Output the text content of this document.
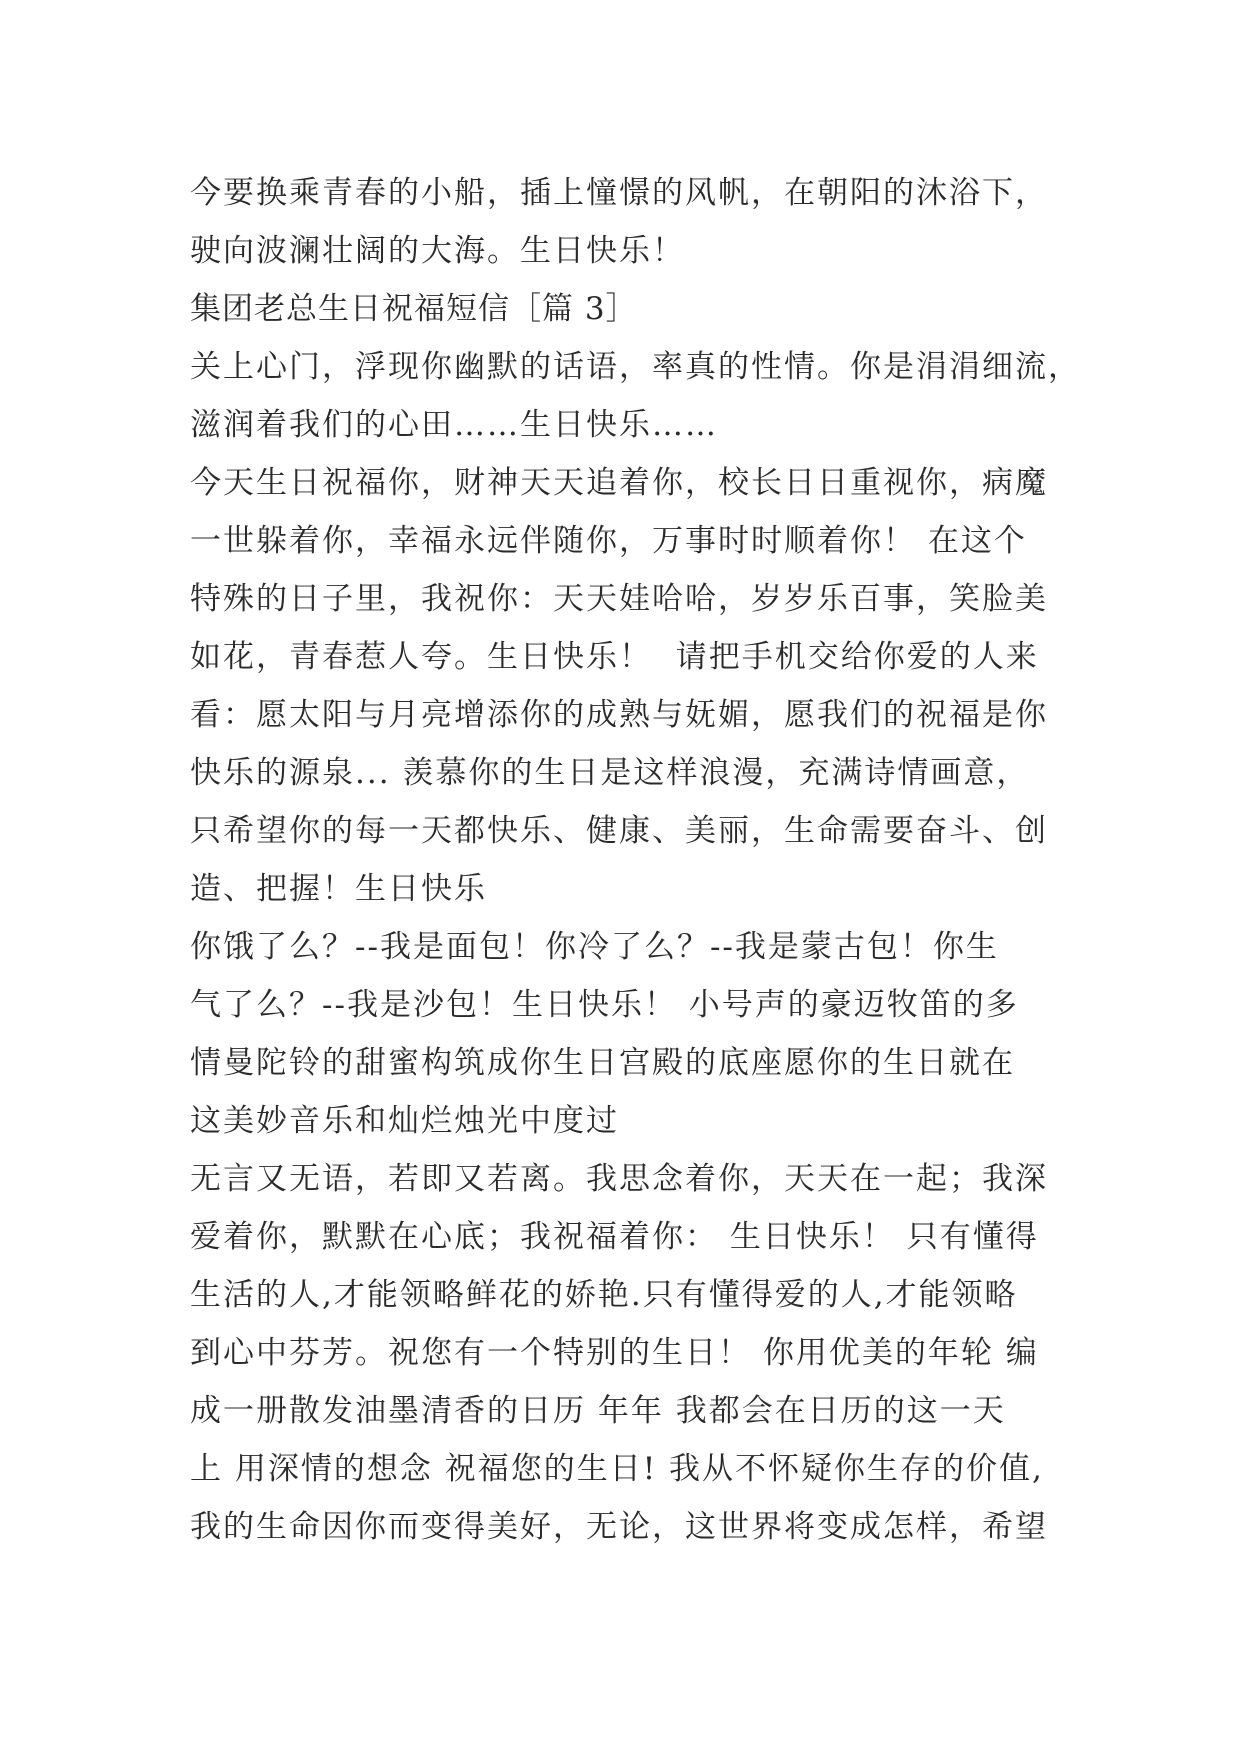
今要换乘青春的小船，插上憧憬的风帆，在朝阳的沐浴下，
驶向波澜壮阔的大海。生日快乐！
集团老总生日祝福短信［篇 3］
关上心门，浮现你幽默的话语，率真的性情。你是涓涓细流，
滋润着我们的心田……生日快乐……
今天生日祝福你，财神天天追着你，校长日日重视你，病魔
一世躲着你，幸福永远伴随你，万事时时顺着你！ 在这个
特殊的日子里，我祝你：天天娃哈哈，岁岁乐百事，笑脸美
如花，青春惹人夸。生日快乐！  请把手机交给你爱的人来
看：愿太阳与月亮增添你的成熟与妩媚，愿我们的祝福是你
快乐的源泉... 羡慕你的生日是这样浪漫，充满诗情画意，
只希望你的每一天都快乐、健康、美丽，生命需要奋斗、创
造、把握！生日快乐
你饿了么？--我是面包！你冷了么？--我是蒙古包！你生
气了么？--我是沙包！生日快乐！ 小号声的豪迈牧笛的多
情曼陀铃的甜蜜构筑成你生日宫殿的底座愿你的生日就在
这美妙音乐和灿烂烛光中度过
无言又无语，若即又若离。我思念着你，天天在一起；我深
爱着你，默默在心底；我祝福着你： 生日快乐！ 只有懂得
生活的人,才能领略鲜花的娇艳.只有懂得爱的人,才能领略
到心中芬芳。祝您有一个特别的生日！ 你用优美的年轮 编
成一册散发油墨清香的日历 年年 我都会在日历的这一天
上 用深情的想念 祝福您的生日! 我从不怀疑你生存的价值,
我的生命因你而变得美好，无论，这世界将变成怎样，希望
